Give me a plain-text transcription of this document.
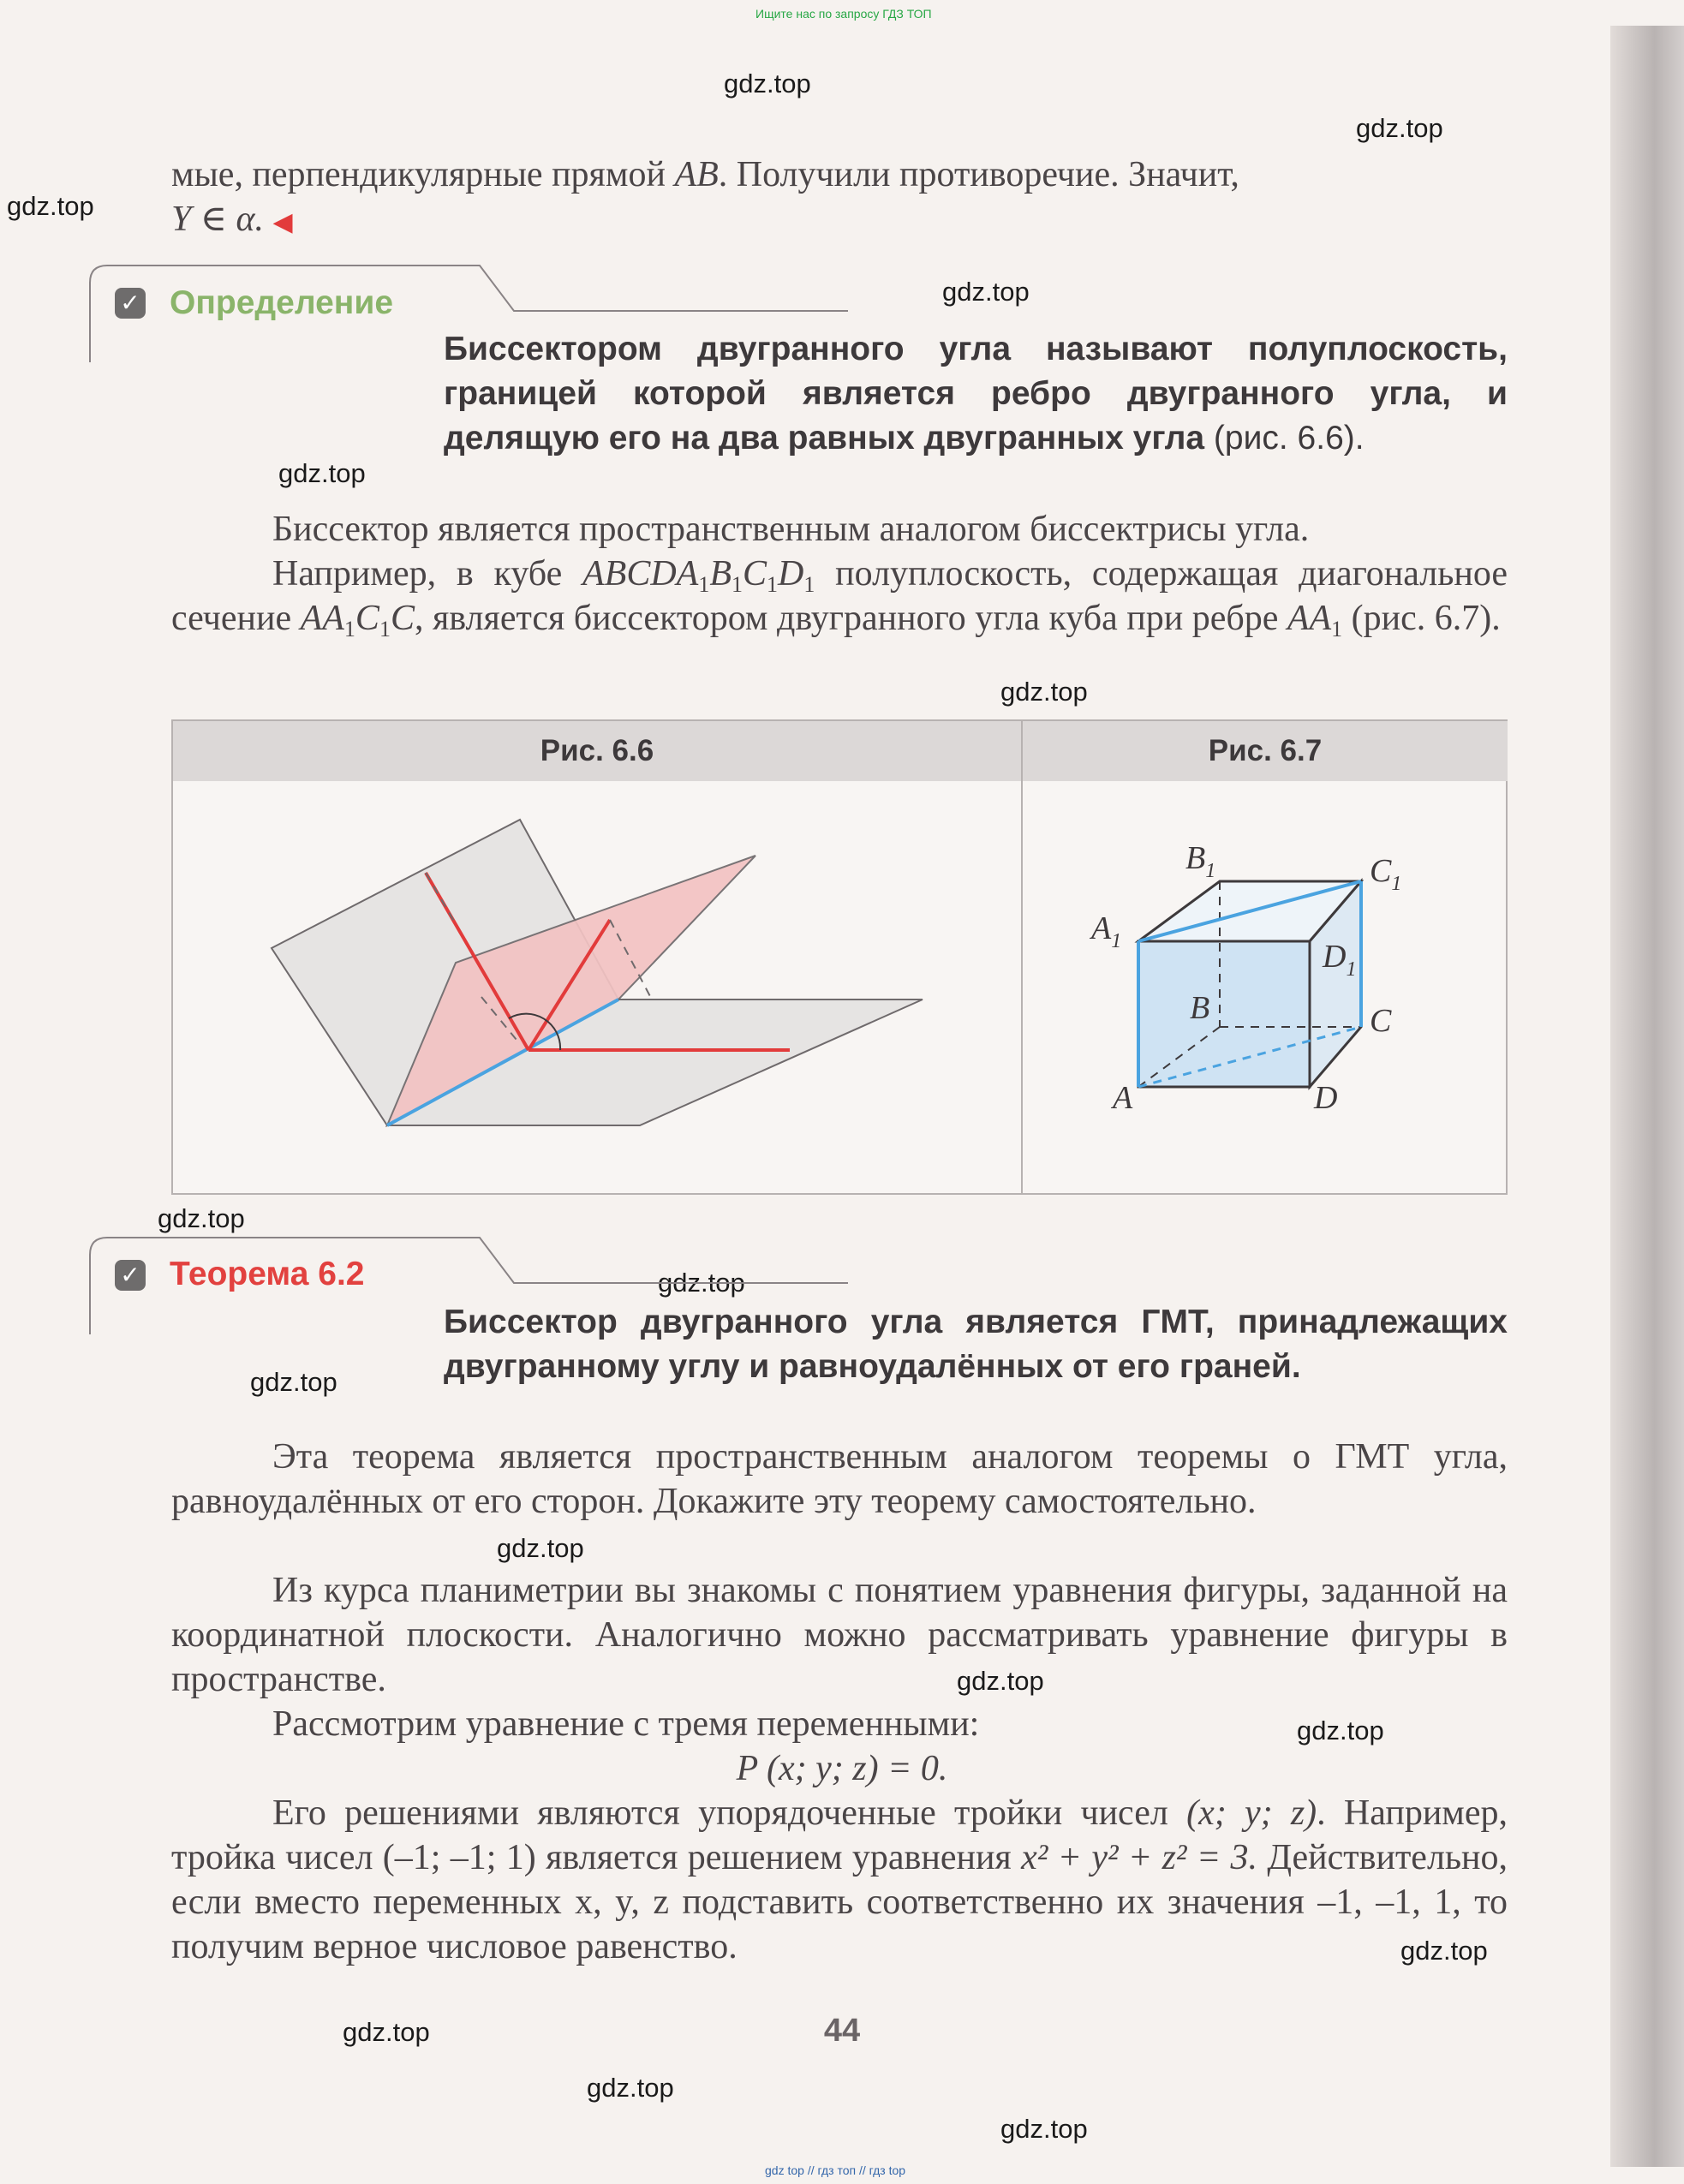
Ищите нас по запросу ГДЗ ТОП
gdz.top
gdz.top
gdz.top
gdz.top
gdz.top
gdz.top
gdz.top
gdz.top
gdz.top
gdz.top
gdz.top
gdz.top
gdz.top
gdz.top
gdz.top
gdz.top

мые, перпендикулярные прямой AB. Получили противоречие. Значит,
Y ∈ α. ◀

✓ Определение
Биссектором двугранного угла называют полуплоскость, границей которой является ребро двугранного угла, и делящую его на два равных двугранных угла (рис. 6.6).

Биссектор является пространственным аналогом биссектрисы угла.

Например, в кубе $ABCDA_1B_1C_1D_1$ полуплоскость, содержащая диагональное сечение $AA_1C_1C$, является биссектором двугранного угла куба при ребре $AA_1$ (рис. 6.7).

Рис. 6.6	Рис. 6.7
$B_1$	$C_1$
$A_1$	$D_1$
B	C
A	D
✓ Теорема 6.2
Биссектор двугранного угла является ГМТ, принадлежащих двугранному углу и равноудалённых от его граней.

Эта теорема является пространственным аналогом теоремы о ГМТ угла, равноудалённых от его сторон. Докажите эту теорему самостоятельно.

Из курса планиметрии вы знакомы с понятием уравнения фигуры, заданной на координатной плоскости. Аналогично можно рассматривать уравнение фигуры в пространстве.

Рассмотрим уравнение с тремя переменными:

P (x; y; z) = 0.

Его решениями являются упорядоченные тройки чисел (x; y; z). Например, тройка чисел (–1; –1; 1) является решением уравнения x² + y² + z² = 3. Действительно, если вместо переменных x, y, z подставить соответственно их значения –1, –1, 1, то получим верное числовое равенство.

44
gdz top // гдз топ // гдз top
